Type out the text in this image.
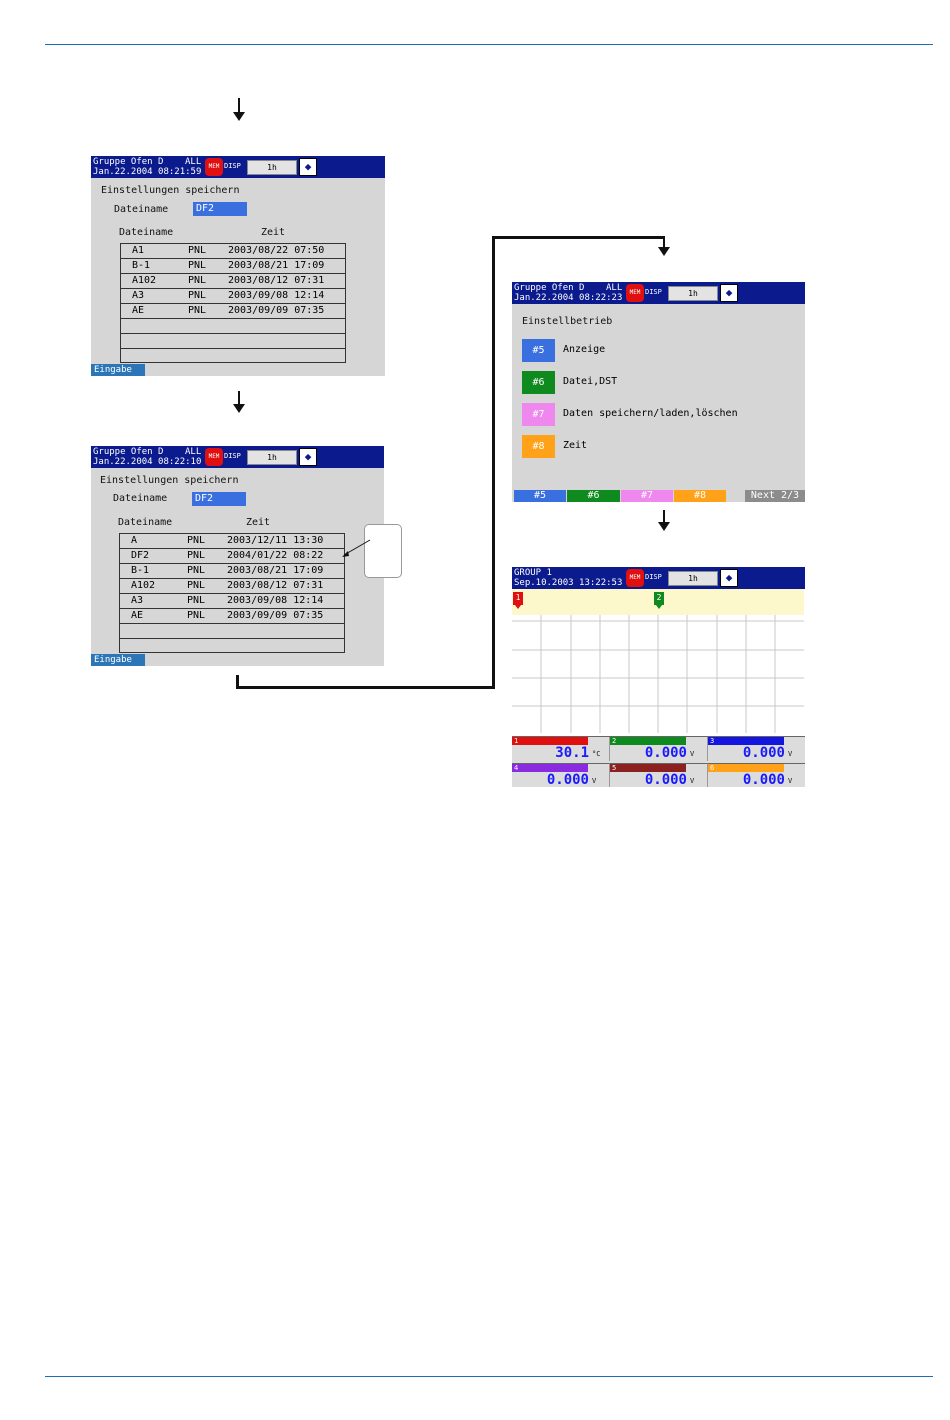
Gruppe Ofen D
Jan.22.2004 08:21:59
ALL	MEM DISP	1h	◆
Einstellungen speichern
Dateiname	DF2
Dateiname	Zeit
A1	PNL 2003/08/22 07:50
B-1	PNL 2003/08/21 17:09
A102	PNL 2003/08/12 07:31
A3	PNL 2003/09/08 12:14
AE	PNL 2003/09/09 07:35
Eingabe
Gruppe Ofen D
Jan.22.2004 08:22:10
ALL	MEM DISP	1h	◆
Einstellungen speichern
Dateiname	DF2
Dateiname	Zeit
A	PNL 2003/12/11 13:30
DF2	PNL 2004/01/22 08:22
B-1	PNL 2003/08/21 17:09
A102	PNL 2003/08/12 07:31
A3	PNL 2003/09/08 12:14
AE	PNL 2003/09/09 07:35
Eingabe
Gruppe Ofen D
Jan.22.2004 08:22:23
ALL	MEM DISP	1h	◆
Einstellbetrieb
#5	Anzeige
#6	Datei,DST
#7	Daten speichern/laden,löschen
#8	Zeit
#5	#6	#7	#8	Next 2/3
GROUP 1
Sep.10.2003 13:22:53
MEM DISP	1h	◆
1	2
1
30.1 °C
2
0.000 V
3
0.000 V
4
0.000 V
5
0.000 V
6
0.000 V
